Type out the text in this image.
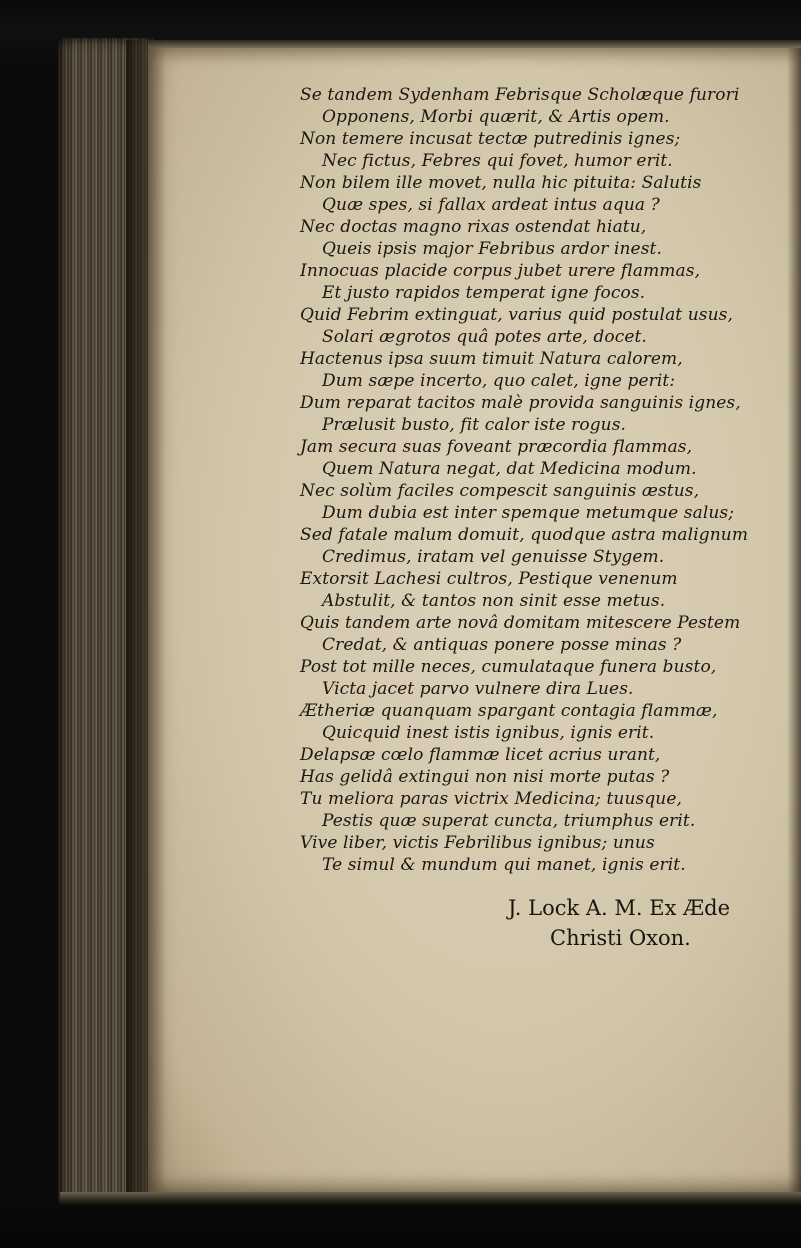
Se tandem Sydenham Febrisque Scholæque furori
Opponens, Morbi quærit, & Artis opem.
Non temere incusat tectæ putredinis ignes;
Nec fictus, Febres qui fovet, humor erit.
Non bilem ille movet, nulla hic pituita: Salutis
Quæ spes, si fallax ardeat intus aqua ?
Nec doctas magno rixas ostendat hiatu,
Queis ipsis major Febribus ardor inest.
Innocuas placide corpus jubet urere flammas,
Et justo rapidos temperat igne focos.
Quid Febrim extinguat, varius quid postulat usus,
Solari ægrotos quâ potes arte, docet.
Hactenus ipsa suum timuit Natura calorem,
Dum sæpe incerto, quo calet, igne perit:
Dum reparat tacitos malè provida sanguinis ignes,
Prælusit busto, fit calor iste rogus.
Jam secura suas foveant præcordia flammas,
Quem Natura negat, dat Medicina modum.
Nec solùm faciles compescit sanguinis æstus,
Dum dubia est inter spemque metumque salus;
Sed fatale malum domuit, quodque astra malignum
Credimus, iratam vel genuisse Stygem.
Extorsit Lachesi cultros, Pestique venenum
Abstulit, & tantos non sinit esse metus.
Quis tandem arte novâ domitam mitescere Pestem
Credat, & antiquas ponere posse minas ?
Post tot mille neces, cumulataque funera busto,
Victa jacet parvo vulnere dira Lues.
Ætheriæ quanquam spargant contagia flammæ,
Quicquid inest istis ignibus, ignis erit.
Delapsæ cœlo flammæ licet acrius urant,
Has gelidâ extingui non nisi morte putas ?
Tu meliora paras victrix Medicina; tuusque,
Pestis quæ superat cuncta, triumphus erit.
Vive liber, victis Febrilibus ignibus; unus
Te simul & mundum qui manet, ignis erit.
J. Lock A. M. Ex Æde
Christi Oxon.
